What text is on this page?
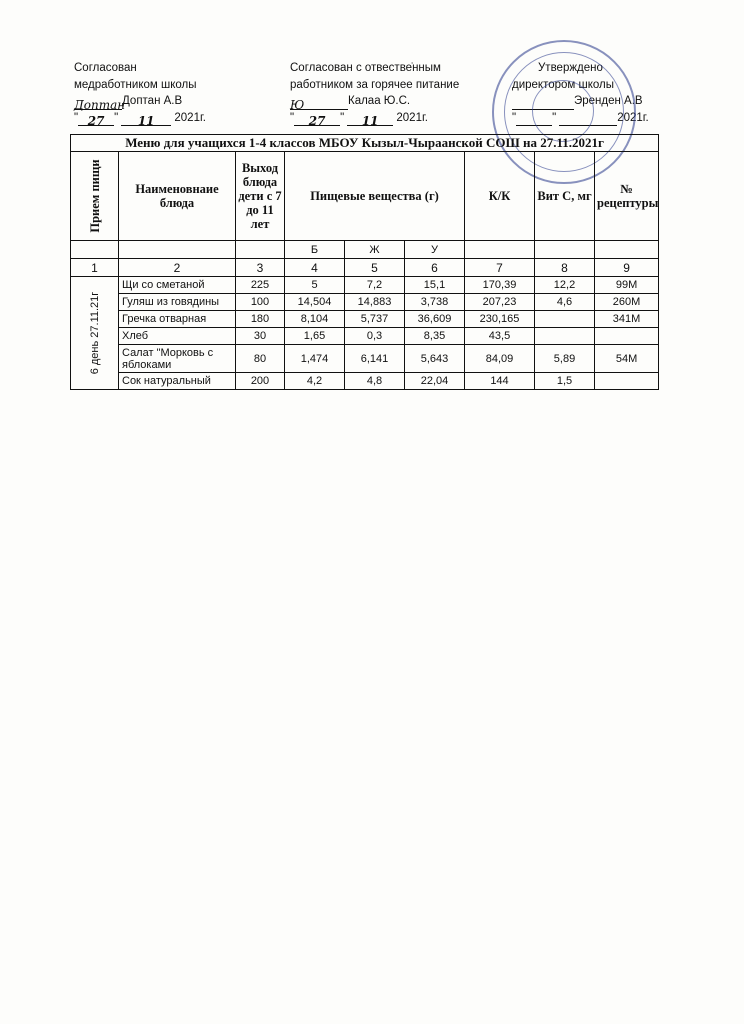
Согласован
медработником школы
ДоптанДоптан А.В
" 27 " 11 2021г.
Согласован с отвестве̇нным
работником за горячее питание
Ю	Калаа Ю.С.
" 27 " 11 2021г.
Утверждено
директором школы
Эренден А.В
"	"	2021г.
Меню для учащихся 1-4 классов МБОУ Кызыл-Чыраанской СОШ на 27.11.2021г								

Прием пищи	Наименовнаие блюда	Выход блюда дети с 7 до 11 лет	Пищевые вещества (г)			К/К	Вит С, мг	№ рецептуры
			Б	Ж	У			
1	2	3	4	5	6	7	8	9

6 день 27.11.21г	Щи со сметаной	225	5	7,2	15,1	170,39	12,2	99М
	Гуляш из говядины	100	14,504	14,883	3,738	207,23	4,6	260М
	Гречка отварная	180	8,104	5,737	36,609	230,165		341М
	Хлеб	30	1,65	0,3	8,35	43,5		
	Салат "Морковь с яблоками	80	1,474	6,141	5,643	84,09	5,89	54М
	Сок натуральный	200	4,2	4,8	22,04	144	1,5	
